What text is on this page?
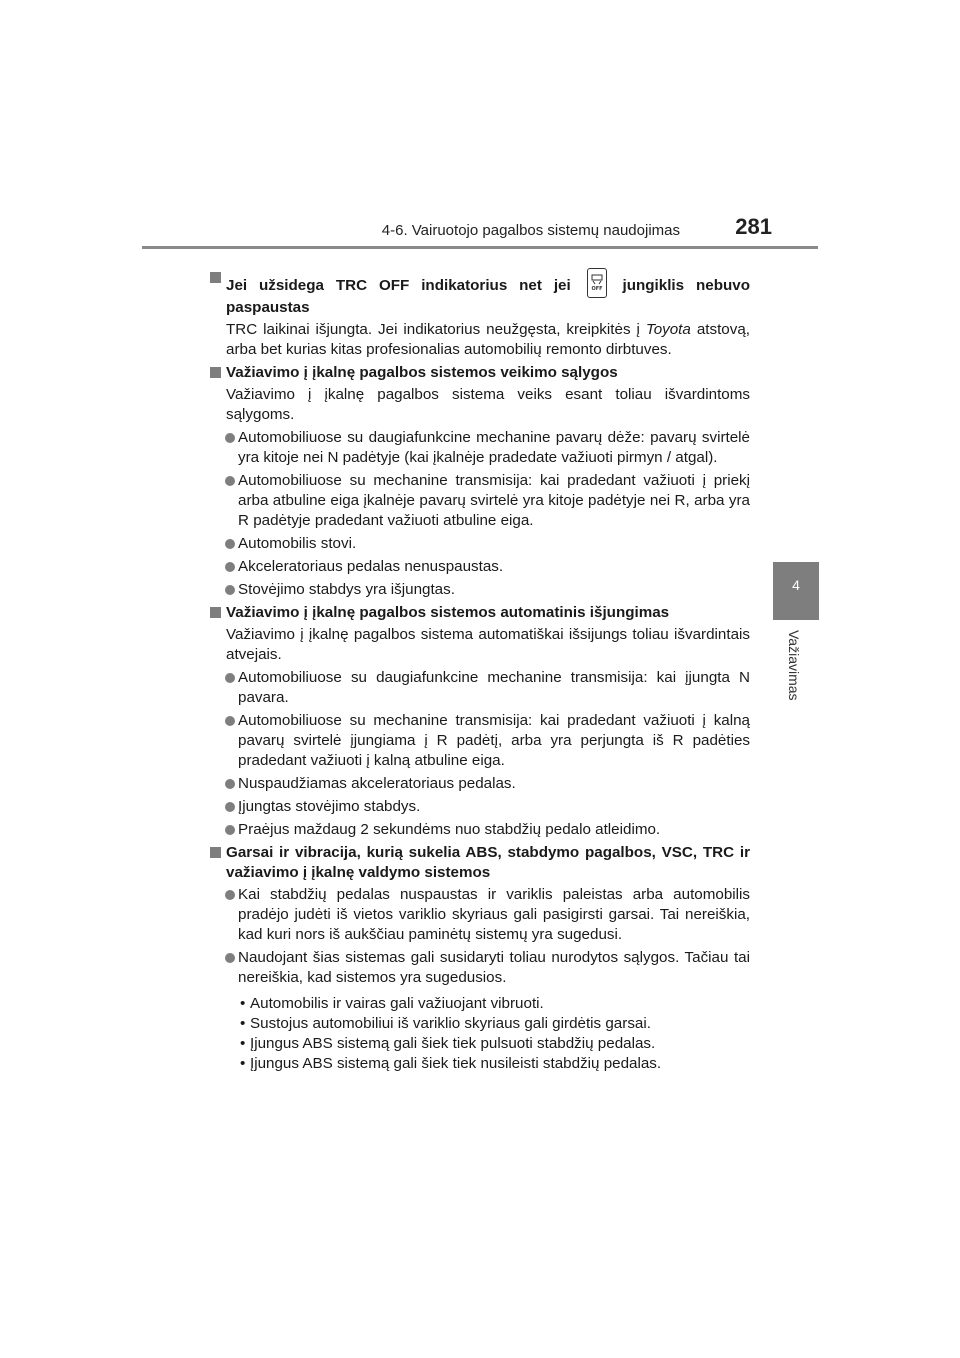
4-6. Vairuotojo pagalbos sistemų naudojimas	281
4
Važiavimas
Jei užsidega TRC OFF indikatorius net jei	OFF jungiklis nebuvo paspaustas

TRC laikinai išjungta. Jei indikatorius neužgęsta, kreipkitės į Toyota atstovą, arba bet kurias kitas profesionalias automobilių remonto dirbtuves.

Važiavimo į įkalnę pagalbos sistemos veikimo sąlygos

Važiavimo į įkalnę pagalbos sistema veiks esant toliau išvardintoms sąlygoms.

Automobiliuose su daugiafunkcine mechanine pavarų dėže: pavarų svirtelė yra kitoje nei N padėtyje (kai įkalnėje pradedate važiuoti pirmyn / atgal).
Automobiliuose su mechanine transmisija: kai pradedant važiuoti į priekį arba atbuline eiga įkalnėje pavarų svirtelė yra kitoje padėtyje nei R, arba yra R padėtyje pradedant važiuoti atbuline eiga.
Automobilis stovi.
Akceleratoriaus pedalas nenuspaustas.
Stovėjimo stabdys yra išjungtas.
Važiavimo į įkalnę pagalbos sistemos automatinis išjungimas

Važiavimo į įkalnę pagalbos sistema automatiškai išsijungs toliau išvardintais atvejais.

Automobiliuose su daugiafunkcine mechanine transmisija: kai įjungta N pavara.
Automobiliuose su mechanine transmisija: kai pradedant važiuoti į kalną pavarų svirtelė įjungiama į R padėtį, arba yra perjungta iš R padėties pradedant važiuoti į kalną atbuline eiga.
Nuspaudžiamas akceleratoriaus pedalas.
Įjungtas stovėjimo stabdys.
Praėjus maždaug 2 sekundėms nuo stabdžių pedalo atleidimo.
Garsai ir vibracija, kurią sukelia ABS, stabdymo pagalbos, VSC, TRC ir važiavimo į įkalnę valdymo sistemos
Kai stabdžių pedalas nuspaustas ir variklis paleistas arba automobilis pradėjo judėti iš vietos variklio skyriaus gali pasigirsti garsai. Tai nereiškia, kad kuri nors iš aukščiau paminėtų sistemų yra sugedusi.
Naudojant šias sistemas gali susidaryti toliau nurodytos sąlygos. Tačiau tai nereiškia, kad sistemos yra sugedusios.
• Automobilis ir vairas gali važiuojant vibruoti.
• Sustojus automobiliui iš variklio skyriaus gali girdėtis garsai.
• Įjungus ABS sistemą gali šiek tiek pulsuoti stabdžių pedalas.
• Įjungus ABS sistemą gali šiek tiek nusileisti stabdžių pedalas.
